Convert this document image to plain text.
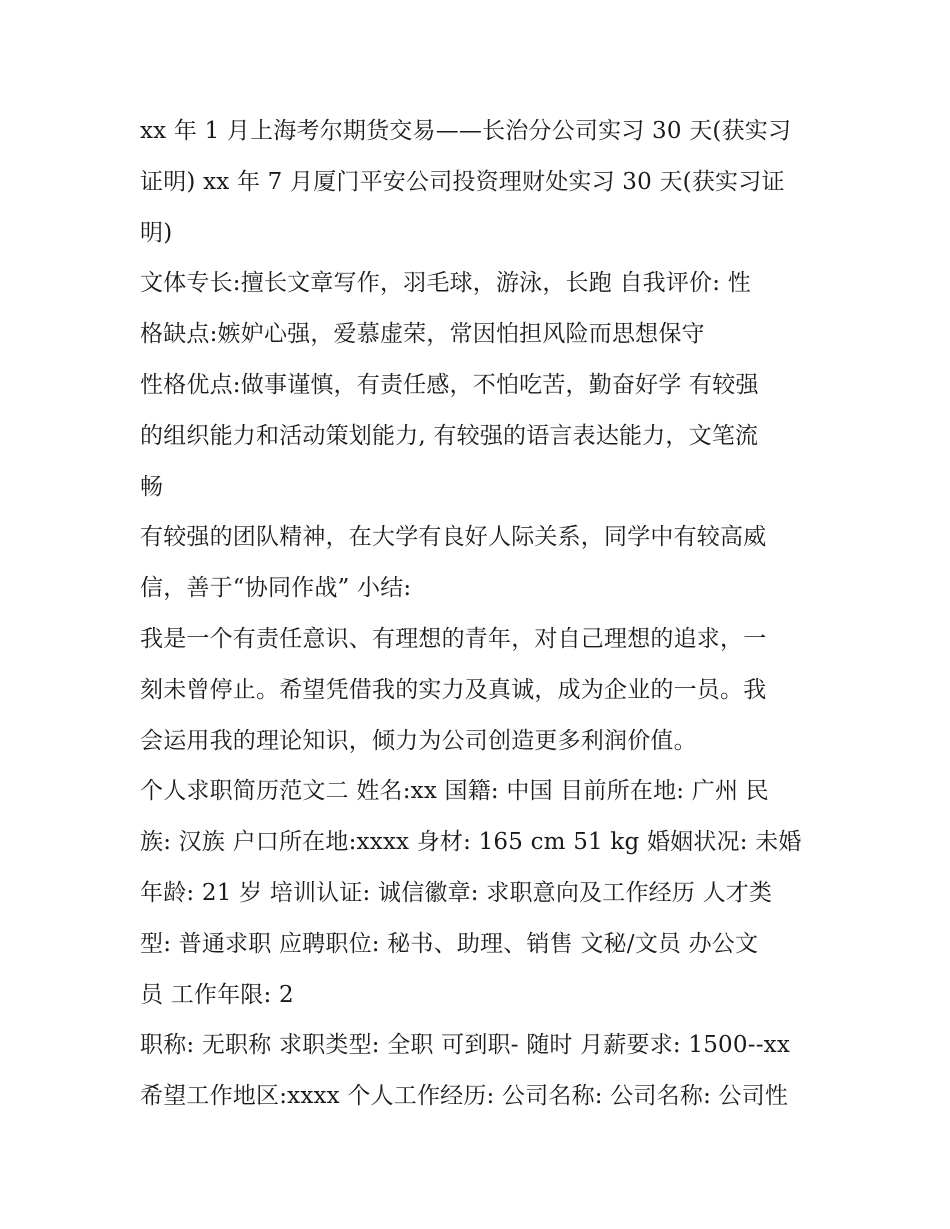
xx 年 1 月上海考尔期货交易——长治分公司实习 30 天(获实习
证明) xx 年 7 月厦门平安公司投资理财处实习 30 天(获实习证
明)
文体专长:擅长文章写作，羽毛球，游泳，长跑 自我评价: 性
格缺点:嫉妒心强，爱慕虚荣，常因怕担风险而思想保守
性格优点:做事谨慎，有责任感，不怕吃苦，勤奋好学 有较强
的组织能力和活动策划能力, 有较强的语言表达能力，文笔流
畅
有较强的团队精神，在大学有良好人际关系，同学中有较高威
信，善于“协同作战” 小结:
我是一个有责任意识、有理想的青年，对自己理想的追求，一
刻未曾停止。希望凭借我的实力及真诚，成为企业的一员。我
会运用我的理论知识，倾力为公司创造更多利润价值。
个人求职简历范文二 姓名:xx 国籍: 中国 目前所在地: 广州 民
族: 汉族 户口所在地:xxxx 身材: 165 cm 51 kg 婚姻状况: 未婚
年龄: 21 岁 培训认证: 诚信徽章: 求职意向及工作经历 人才类
型: 普通求职 应聘职位: 秘书、助理、销售 文秘/文员 办公文
员 工作年限: 2
职称: 无职称 求职类型: 全职 可到职- 随时 月薪要求: 1500--xx
希望工作地区:xxxx 个人工作经历: 公司名称: 公司名称: 公司性
